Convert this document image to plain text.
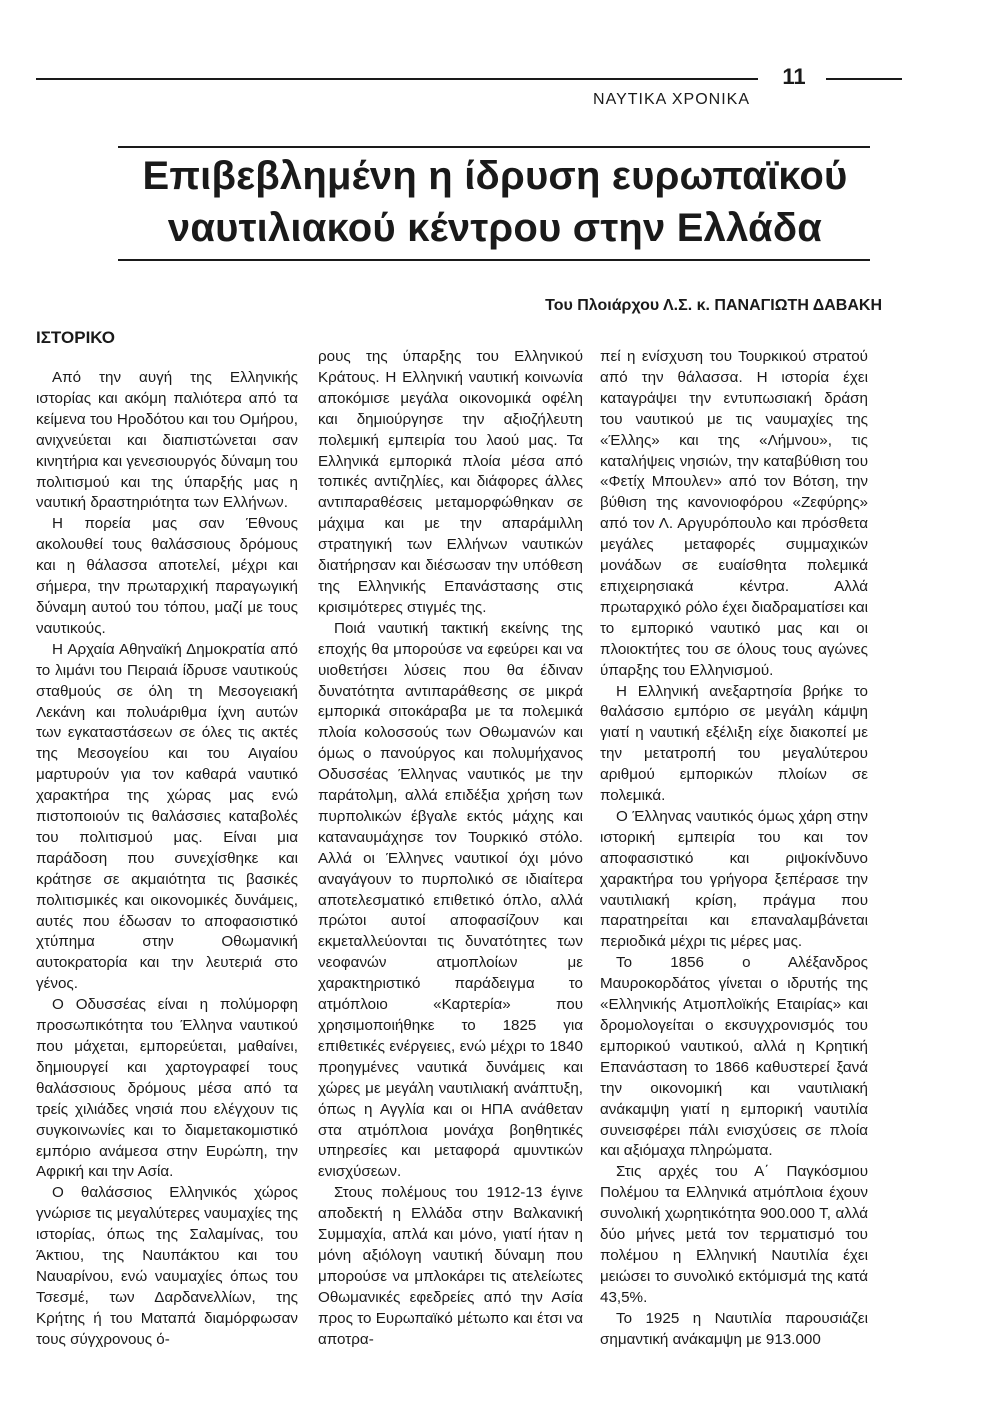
ΝΑΥΤΙΚΑ ΧΡΟΝΙΚΑ
11
Επιβεβλημένη η ίδρυση ευρωπαϊκού
ναυτιλιακού κέντρου στην Ελλάδα
Του Πλοιάρχου Λ.Σ. κ. ΠΑΝΑΓΙΩΤΗ ΔΑΒΑΚΗ
ΙΣΤΟΡΙΚΟ

Από την αυγή της Ελληνικής ιστορίας και ακόμη παλιότερα από τα κείμενα του Ηροδότου και του Ομήρου, ανιχνεύεται και διαπιστώνεται σαν κινητήρια και γενεσιουργός δύναμη του πολιτισμού και της ύπαρξής μας η ναυτική δραστηριότητα των Ελλήνων.

Η πορεία μας σαν Έθνους ακολουθεί τους θαλάσσιους δρόμους και η θάλασσα αποτελεί, μέχρι και σήμερα, την πρωταρχική παραγωγική δύναμη αυτού του τόπου, μαζί με τους ναυτικούς.

Η Αρχαία Αθηναϊκή Δημοκρατία από το λιμάνι του Πειραιά ίδρυσε ναυτικούς σταθμούς σε όλη τη Μεσογειακή Λεκάνη και πολυάριθμα ίχνη αυτών των εγκαταστάσεων σε όλες τις ακτές της Μεσογείου και του Αιγαίου μαρτυρούν για τον καθαρά ναυτικό χαρακτήρα της χώρας μας ενώ πιστοποιούν τις θαλάσσιες καταβολές του πολιτισμού μας. Είναι μια παράδοση που συνεχίσθηκε και κράτησε σε ακμαιότητα τις βασικές πολιτισμικές και οικονομικές δυνάμεις, αυτές που έδωσαν το αποφασιστικό χτύπημα στην Οθωμανική αυτοκρατορία και την λευτεριά στο γένος.

Ο Οδυσσέας είναι η πολύμορφη προσωπικότητα του Έλληνα ναυτικού που μάχεται, εμπορεύεται, μαθαίνει, δημιουργεί και χαρτογραφεί τους θαλάσσιους δρόμους μέσα από τα τρείς χιλιάδες νησιά που ελέγχουν τις συγκοινωνίες και το διαμετακομιστικό εμπόριο ανάμεσα στην Ευρώπη, την Αφρική και την Ασία.

Ο θαλάσσιος Ελληνικός χώρος γνώρισε τις μεγαλύτερες ναυμαχίες της ιστορίας, όπως της Σαλαμίνας, του Άκτιου, της Ναυπάκτου και του Ναυαρίνου, ενώ ναυμαχίες όπως του Τσεσμέ, των Δαρδανελλίων, της Κρήτης ή του Ματαπά διαμόρφωσαν τους σύγχρονους ό-

ρους της ύπαρξης του Ελληνικού Κράτους. Η Ελληνική ναυτική κοινωνία αποκόμισε μεγάλα οικονομικά οφέλη και δημιούργησε την αξιοζήλευτη πολεμική εμπειρία του λαού μας. Τα Ελληνικά εμπορικά πλοία μέσα από τοπικές αντιζηλίες, και διάφορες άλλες αντιπαραθέσεις μεταμορφώθηκαν σε μάχιμα και με την απαράμιλλη στρατηγική των Ελλήνων ναυτικών διατήρησαν και διέσωσαν την υπόθεση της Ελληνικής Επανάστασης στις κρισιμότερες στιγμές της.

Ποιά ναυτική τακτική εκείνης της εποχής θα μπορούσε να εφεύρει και να υιοθετήσει λύσεις που θα έδιναν δυνατότητα αντιπαράθεσης σε μικρά εμπορικά σιτοκάραβα με τα πολεμικά πλοία κολοσσούς των Οθωμανών και όμως ο πανούργος και πολυμήχανος Οδυσσέας Έλληνας ναυτικός με την παράτολμη, αλλά επιδέξια χρήση των πυρπολικών έβγαλε εκτός μάχης και καταναυμάχησε τον Τουρκικό στόλο. Αλλά οι Έλληνες ναυτικοί όχι μόνο αναγάγουν το πυρπολικό σε ιδιαίτερα αποτελεσματικό επιθετικό όπλο, αλλά πρώτοι αυτοί αποφασίζουν και εκμεταλλεύονται τις δυνατότητες των νεοφανών ατμοπλοίων με χαρακτηριστικό παράδειγμα το ατμόπλοιο «Καρτερία» που χρησιμοποιήθηκε το 1825 για επιθετικές ενέργειες, ενώ μέχρι το 1840 προηγμένες ναυτικά δυνάμεις και χώρες με μεγάλη ναυτιλιακή ανάπτυξη, όπως η Αγγλία και οι ΗΠΑ ανάθεταν στα ατμόπλοια μονάχα βοηθητικές υπηρεσίες και μεταφορά αμυντικών ενισχύσεων.

Στους πολέμους του 1912-13 έγινε αποδεκτή η Ελλάδα στην Βαλκανική Συμμαχία, απλά και μόνο, γιατί ήταν η μόνη αξιόλογη ναυτική δύναμη που μπορούσε να μπλοκάρει τις ατελείωτες Οθωμανικές εφεδρείες από την Ασία προς το Ευρωπαϊκό μέτωπο και έτσι να αποτρα-

πεί η ενίσχυση του Τουρκικού στρατού από την θάλασσα. Η ιστορία έχει καταγράψει την εντυπωσιακή δράση του ναυτικού με τις ναυμαχίες της «Έλλης» και της «Λήμνου», τις καταλήψεις νησιών, την καταβύθιση του «Φετίχ Μπουλεν» από τον Βότση, την βύθιση της κανονιοφόρου «Ζεφύρης» από τον Λ. Αργυρόπουλο και πρόσθετα μεγάλες μεταφορές συμμαχικών μονάδων σε ευαίσθητα πολεμικά επιχειρησιακά κέντρα. Αλλά πρωταρχικό ρόλο έχει διαδραματίσει και το εμπορικό ναυτικό μας και οι πλοιοκτήτες του σε όλους τους αγώνες ύπαρξης του Ελληνισμού.

Η Ελληνική ανεξαρτησία βρήκε το θαλάσσιο εμπόριο σε μεγάλη κάμψη γιατί η ναυτική εξέλιξη είχε διακοπεί με την μετατροπή του μεγαλύτερου αριθμού εμπορικών πλοίων σε πολεμικά.

Ο Έλληνας ναυτικός όμως χάρη στην ιστορική εμπειρία του και τον αποφασιστικό και ριψοκίνδυνο χαρακτήρα του γρήγορα ξεπέρασε την ναυτιλιακή κρίση, πράγμα που παρατηρείται και επαναλαμβάνεται περιοδικά μέχρι τις μέρες μας.

Το 1856 ο Αλέξανδρος Μαυροκορδάτος γίνεται ο ιδρυτής της «Ελληνικής Ατμοπλοϊκής Εταιρίας» και δρομολογείται ο εκσυγχρονισμός του εμπορικού ναυτικού, αλλά η Κρητική Επανάσταση το 1866 καθυστερεί ξανά την οικονομική και ναυτιλιακή ανάκαμψη γιατί η εμπορική ναυτιλία συνεισφέρει πάλι ενισχύσεις σε πλοία και αξιόμαχα πληρώματα.

Στις αρχές του Α΄ Παγκόσμιου Πολέμου τα Ελληνικά ατμόπλοια έχουν συνολική χωρητικότητα 900.000 Τ, αλλά δύο μήνες μετά τον τερματισμό του πολέμου η Ελληνική Ναυτιλία έχει μειώσει το συνολικό εκτόμισμά της κατά 43,5%.

Το 1925 η Ναυτιλία παρουσιάζει σημαντική ανάκαμψη με 913.000
